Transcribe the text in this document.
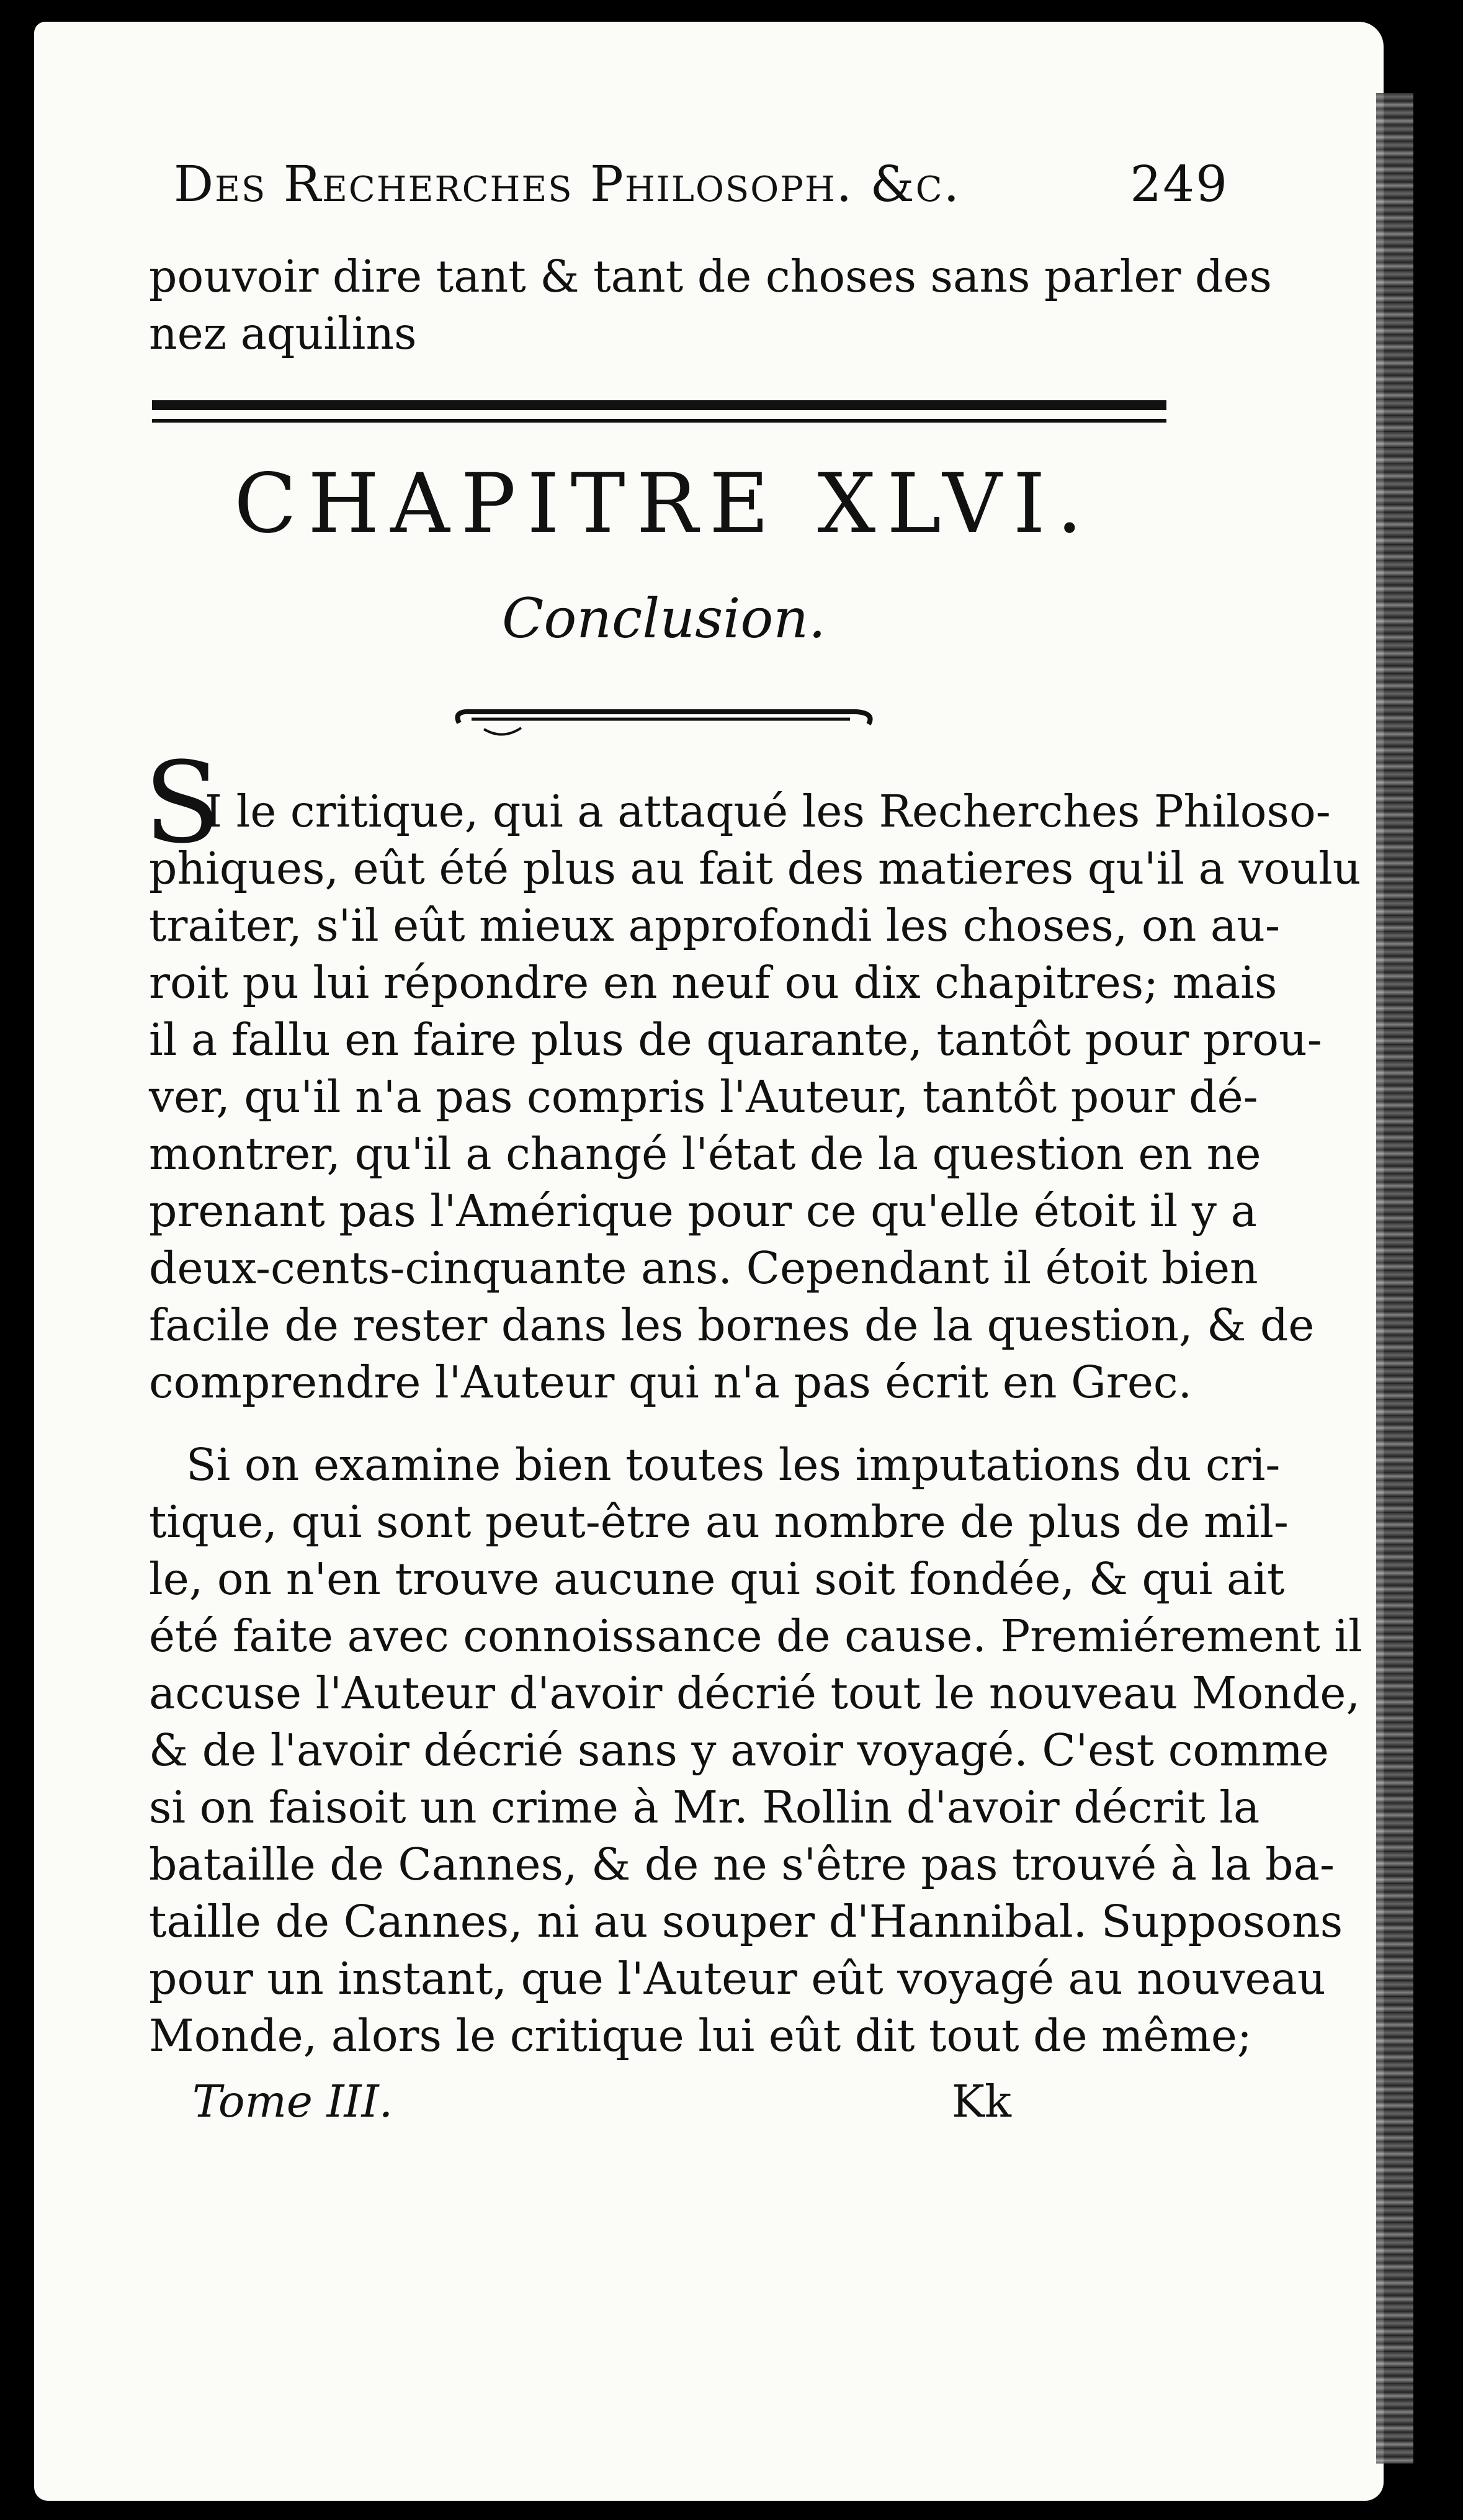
Des Recherches Philosoph. &c.	249
pouvoir dire tant & tant de choses sans parler des
nez aquilins
CHAPITRE XLVI.
Conclusion.
S
I le critique, qui a attaqué les Recherches Philoso-
phiques, eût été plus au fait des matieres qu'il a voulu
traiter, s'il eût mieux approfondi les choses, on au-
roit pu lui répondre en neuf ou dix chapitres; mais
il a fallu en faire plus de quarante, tantôt pour prou-
ver, qu'il n'a pas compris l'Auteur, tantôt pour dé-
montrer, qu'il a changé l'état de la question en ne
prenant pas l'Amérique pour ce qu'elle étoit il y a
deux-cents-cinquante ans. Cependant il étoit bien
facile de rester dans les bornes de la question, & de
comprendre l'Auteur qui n'a pas écrit en Grec.
Si on examine bien toutes les imputations du cri-
tique, qui sont peut-être au nombre de plus de mil-
le, on n'en trouve aucune qui soit fondée, & qui ait
été faite avec connoissance de cause. Premiérement il
accuse l'Auteur d'avoir décrié tout le nouveau Monde,
& de l'avoir décrié sans y avoir voyagé. C'est comme
si on faisoit un crime à Mr. Rollin d'avoir décrit la
bataille de Cannes, & de ne s'être pas trouvé à la ba-
taille de Cannes, ni au souper d'Hannibal. Supposons
pour un instant, que l'Auteur eût voyagé au nouveau
Monde, alors le critique lui eût dit tout de même;
Tome III.	Kk
